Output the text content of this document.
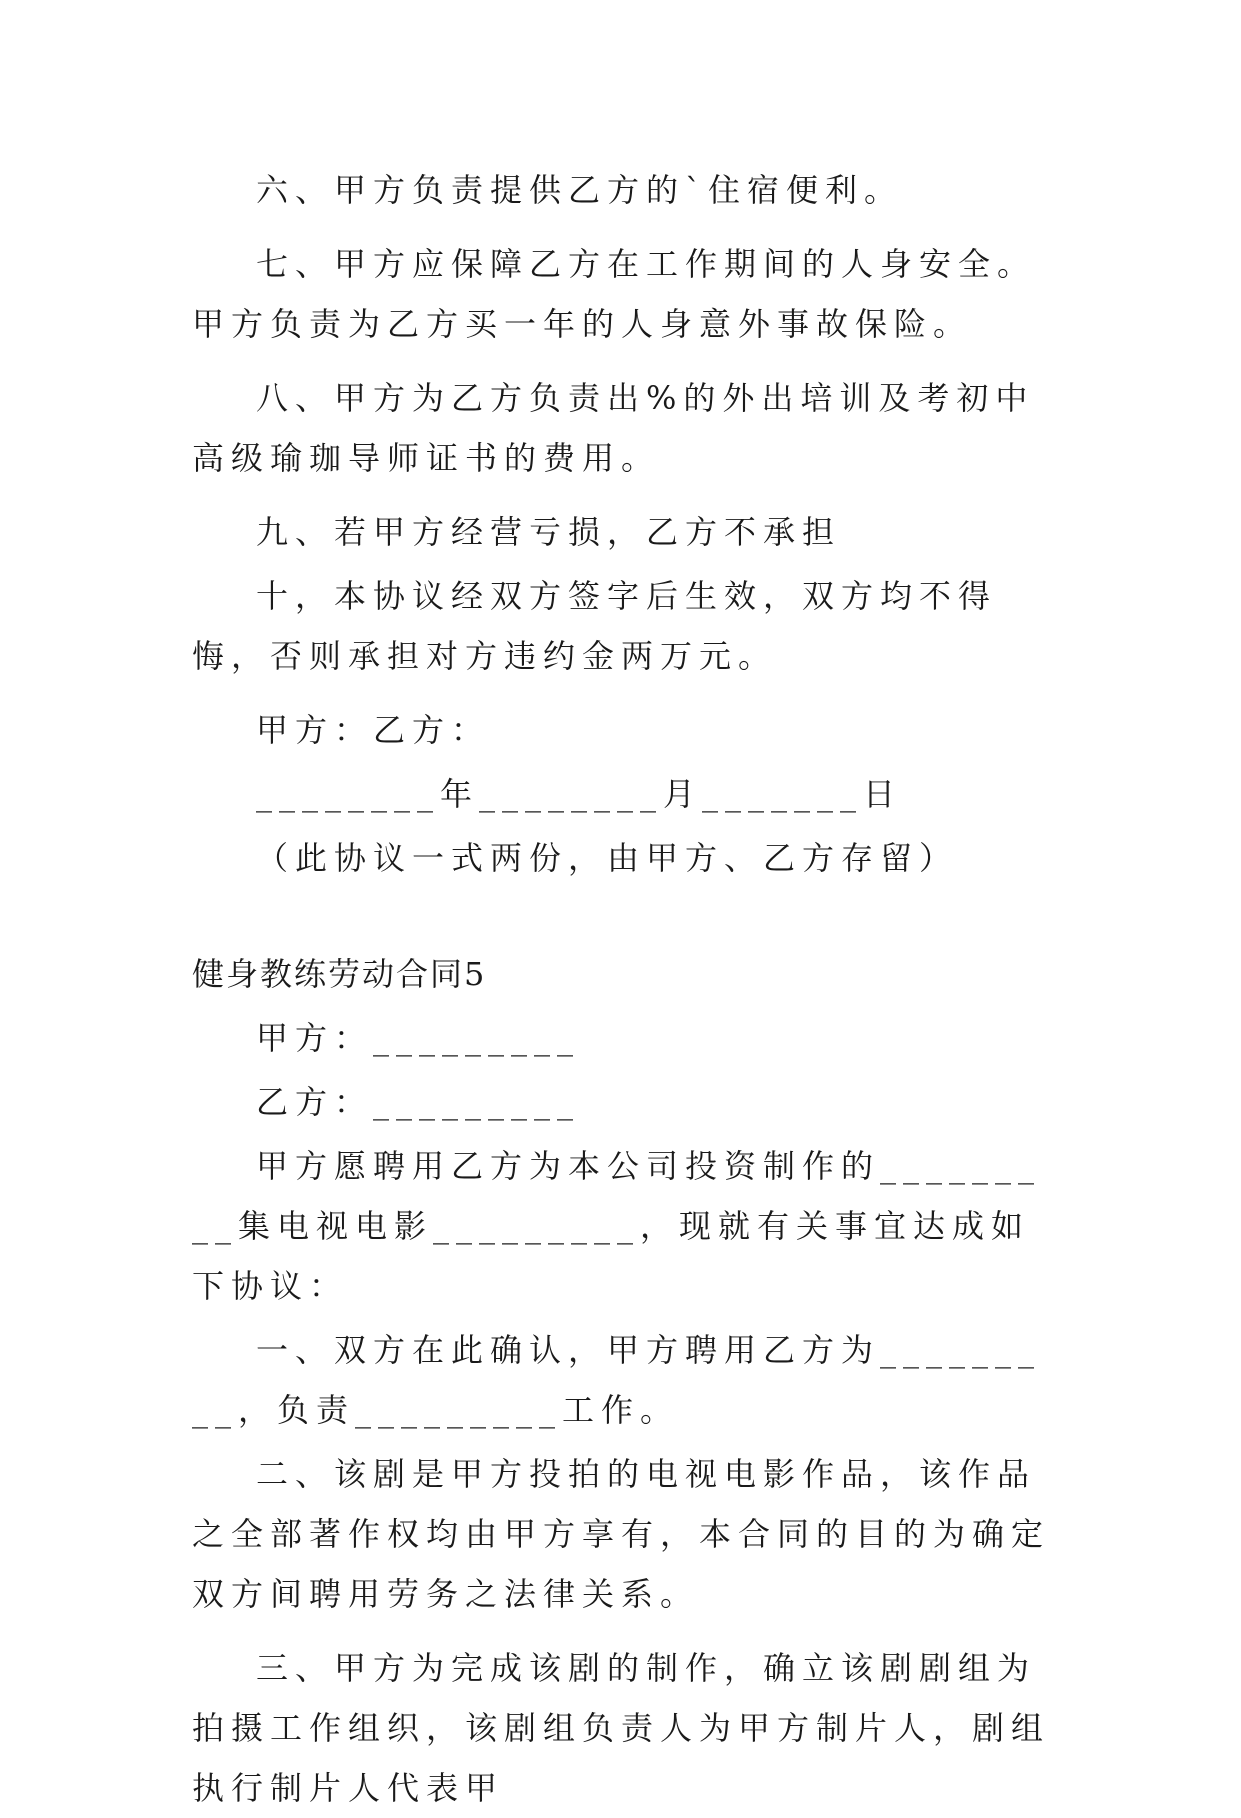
六、甲方负责提供乙方的`住宿便利。

七、甲方应保障乙方在工作期间的人身安全。甲方负责为乙方买一年的人身意外事故保险。

八、甲方为乙方负责出%的外出培训及考初中高级瑜珈导师证书的费用。

九、若甲方经营亏损，乙方不承担

十，本协议经双方签字后生效，双方均不得悔，否则承担对方违约金两万元。

甲方：乙方：

________年________月_______日

（此协议一式两份，由甲方、乙方存留）

健身教练劳动合同5

甲方：_________

乙方：_________

甲方愿聘用乙方为本公司投资制作的_________集电视电影_________，现就有关事宜达成如下协议：

一、双方在此确认，甲方聘用乙方为_________，负责_________工作。

二、该剧是甲方投拍的电视电影作品，该作品之全部著作权均由甲方享有，本合同的目的为确定双方间聘用劳务之法律关系。

三、甲方为完成该剧的制作，确立该剧剧组为拍摄工作组织，该剧组负责人为甲方制片人，剧组执行制片人代表甲
